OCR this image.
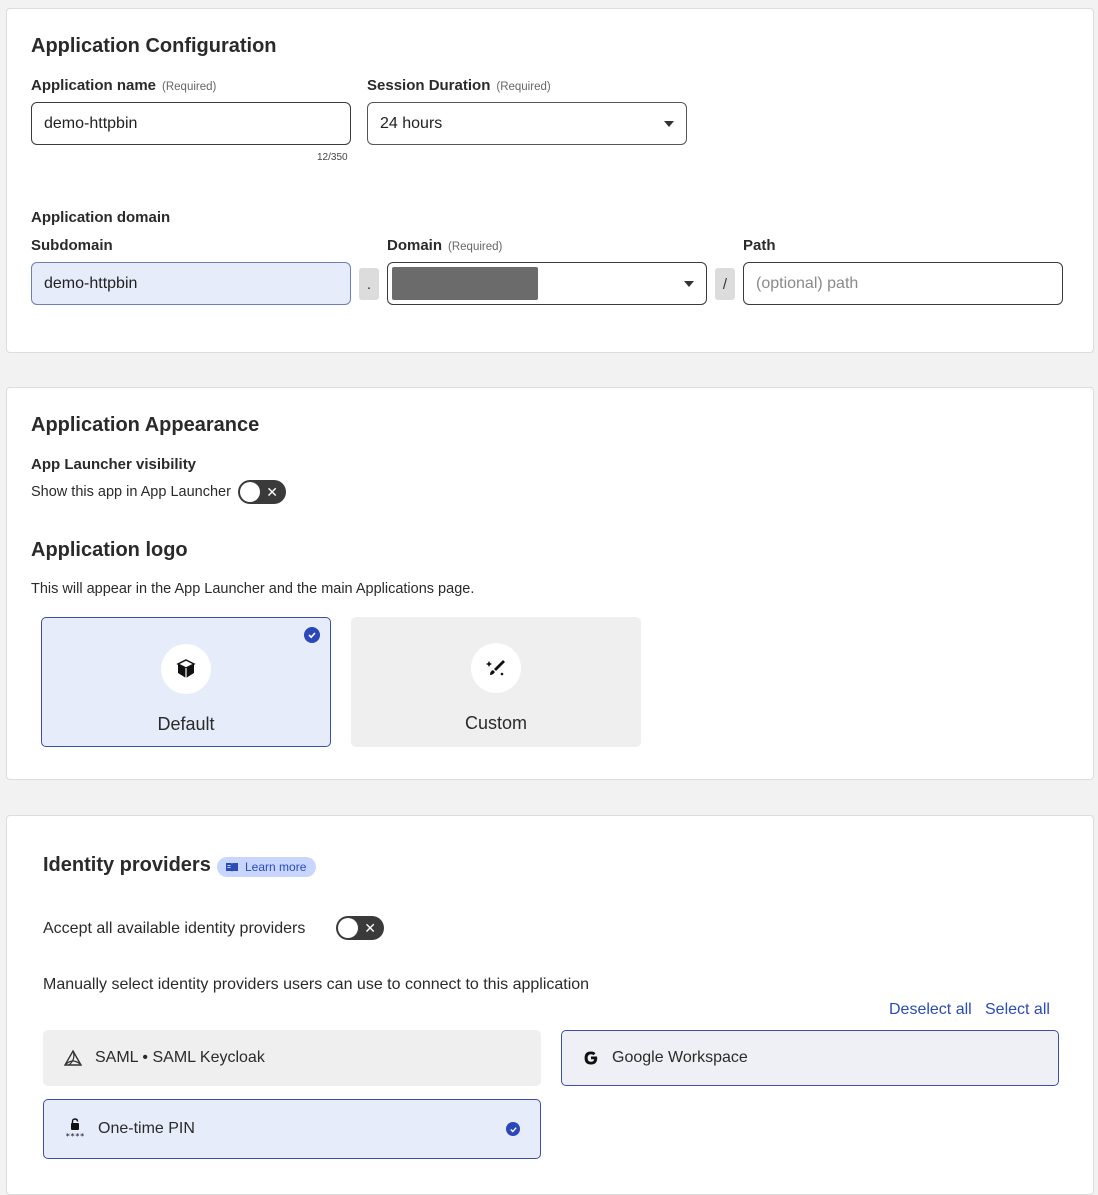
Application Configuration
Application name (Required)
demo-httpbin
12/350
Session Duration (Required)
24 hours
Application domain
Subdomain
demo-httpbin	.
Domain (Required)
/
Path
(optional) path
Application Appearance
App Launcher visibility
Show this app in App Launcher	✕
Application logo
This will appear in the App Launcher and the main Applications page.
Default	Custom
Identity providers	Learn more
Accept all available identity providers	✕
Manually select identity providers users can use to connect to this application
Deselect all Select all
SAML • SAML Keycloak	Google Workspace
**** One-time PIN
